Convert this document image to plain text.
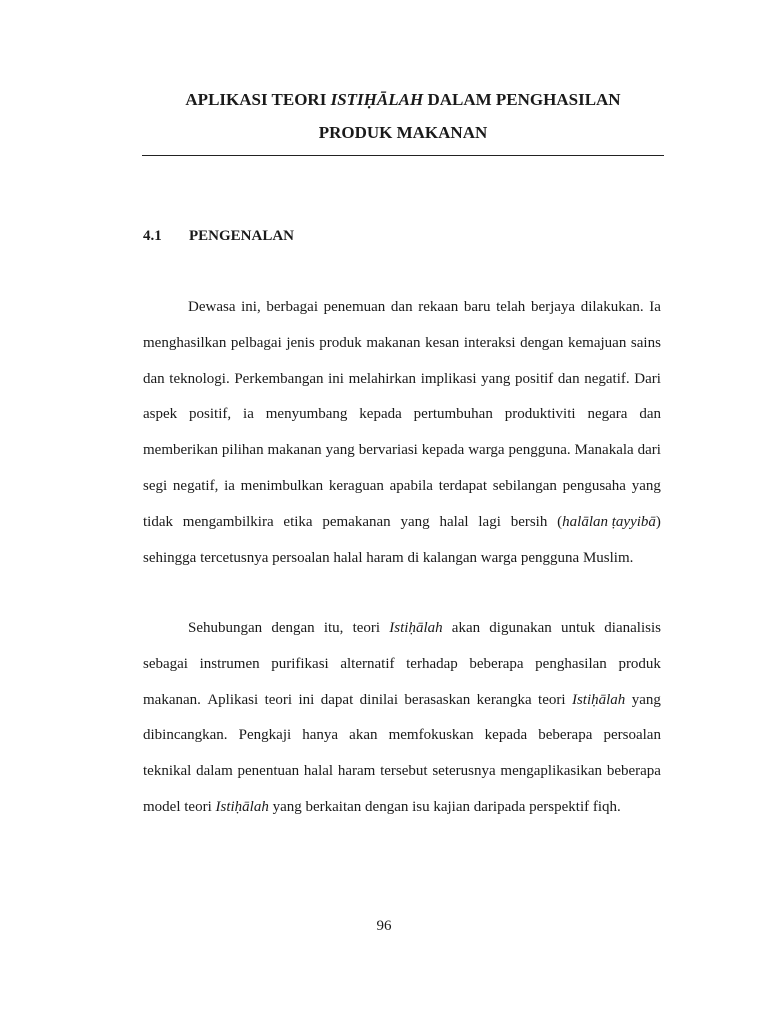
APLIKASI TEORI ISTIḤĀLAH DALAM PENGHASILAN
PRODUK MAKANAN
4.1 PENGENALAN
Dewasa ini, berbagai penemuan dan rekaan baru telah berjaya dilakukan. Ia
menghasilkan pelbagai jenis produk makanan kesan interaksi dengan kemajuan sains
dan teknologi. Perkembangan ini melahirkan implikasi yang positif dan negatif. Dari
aspek positif, ia menyumbang kepada pertumbuhan produktiviti negara dan
memberikan pilihan makanan yang bervariasi kepada warga pengguna. Manakala dari
segi negatif, ia menimbulkan keraguan apabila terdapat sebilangan pengusaha yang
tidak mengambilkira etika pemakanan yang halal lagi bersih (halālan ṭayyibā)
sehingga tercetusnya persoalan halal haram di kalangan warga pengguna Muslim.
Sehubungan dengan itu, teori Istiḥālah akan digunakan untuk dianalisis
sebagai instrumen purifikasi alternatif terhadap beberapa penghasilan produk
makanan. Aplikasi teori ini dapat dinilai berasaskan kerangka teori Istiḥālah yang
dibincangkan. Pengkaji hanya akan memfokuskan kepada beberapa persoalan
teknikal dalam penentuan halal haram tersebut seterusnya mengaplikasikan beberapa
model teori Istiḥālah yang berkaitan dengan isu kajian daripada perspektif fiqh.
96
